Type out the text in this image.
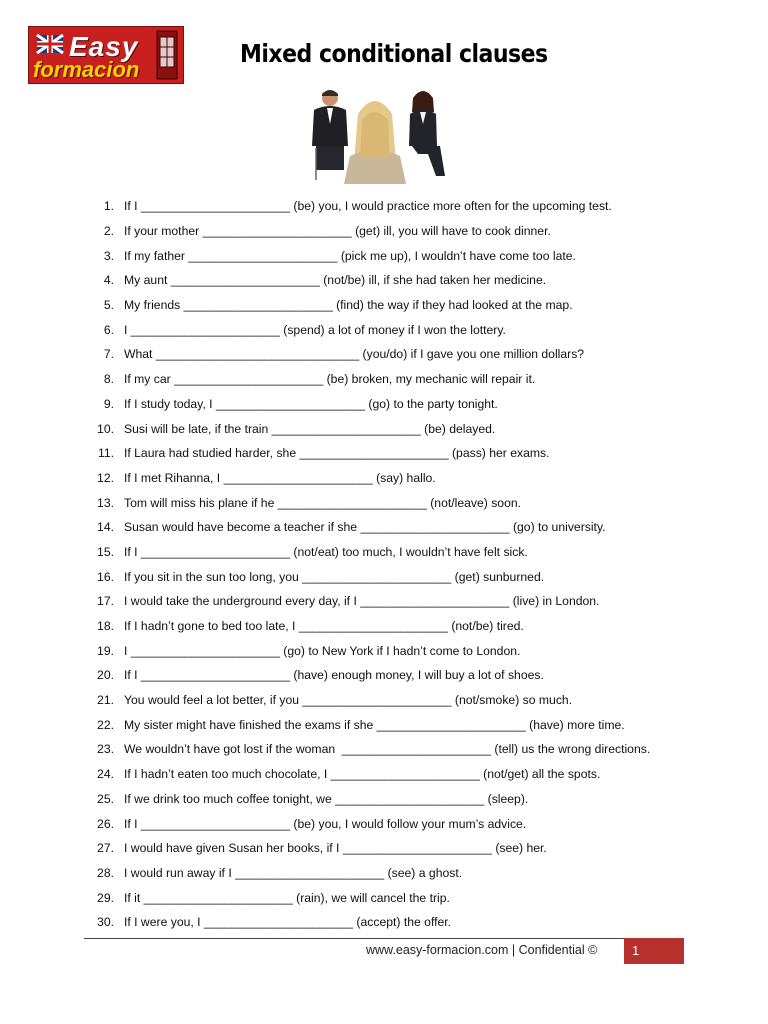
Easy
formacion
Mixed conditional clauses
1. If I ______________________ (be) you, I would practice more often for the upcoming test.
2. If your mother ______________________ (get) ill, you will have to cook dinner.
3. If my father ______________________ (pick me up), I wouldn’t have come too late.
4. My aunt ______________________ (not/be) ill, if she had taken her medicine.
5. My friends ______________________ (find) the way if they had looked at the map.
6. I ______________________ (spend) a lot of money if I won the lottery.
7. What ______________________________ (you/do) if I gave you one million dollars?
8. If my car ______________________ (be) broken, my mechanic will repair it.
9. If I study today, I ______________________ (go) to the party tonight.
10. Susi will be late, if the train ______________________ (be) delayed.
11. If Laura had studied harder, she ______________________ (pass) her exams.
12. If I met Rihanna, I ______________________ (say) hallo.
13. Tom will miss his plane if he ______________________ (not/leave) soon.
14. Susan would have become a teacher if she ______________________ (go) to university.
15. If I ______________________ (not/eat) too much, I wouldn’t have felt sick.
16. If you sit in the sun too long, you ______________________ (get) sunburned.
17. I would take the underground every day, if I ______________________ (live) in London.
18. If I hadn’t gone to bed too late, I ______________________ (not/be) tired.
19. I ______________________ (go) to New York if I hadn’t come to London.
20. If I ______________________ (have) enough money, I will buy a lot of shoes.
21. You would feel a lot better, if you ______________________ (not/smoke) so much.
22. My sister might have finished the exams if she ______________________ (have) more time.
23. We wouldn’t have got lost if the woman  ______________________ (tell) us the wrong directions.
24. If I hadn’t eaten too much chocolate, I ______________________ (not/get) all the spots.
25. If we drink too much coffee tonight, we ______________________ (sleep).
26. If I ______________________ (be) you, I would follow your mum’s advice.
27. I would have given Susan her books, if I ______________________ (see) her.
28. I would run away if I ______________________ (see) a ghost.
29. If it ______________________ (rain), we will cancel the trip.
30. If I were you, I ______________________ (accept) the offer.
www.easy-formacion.com | Confidential ©	1
